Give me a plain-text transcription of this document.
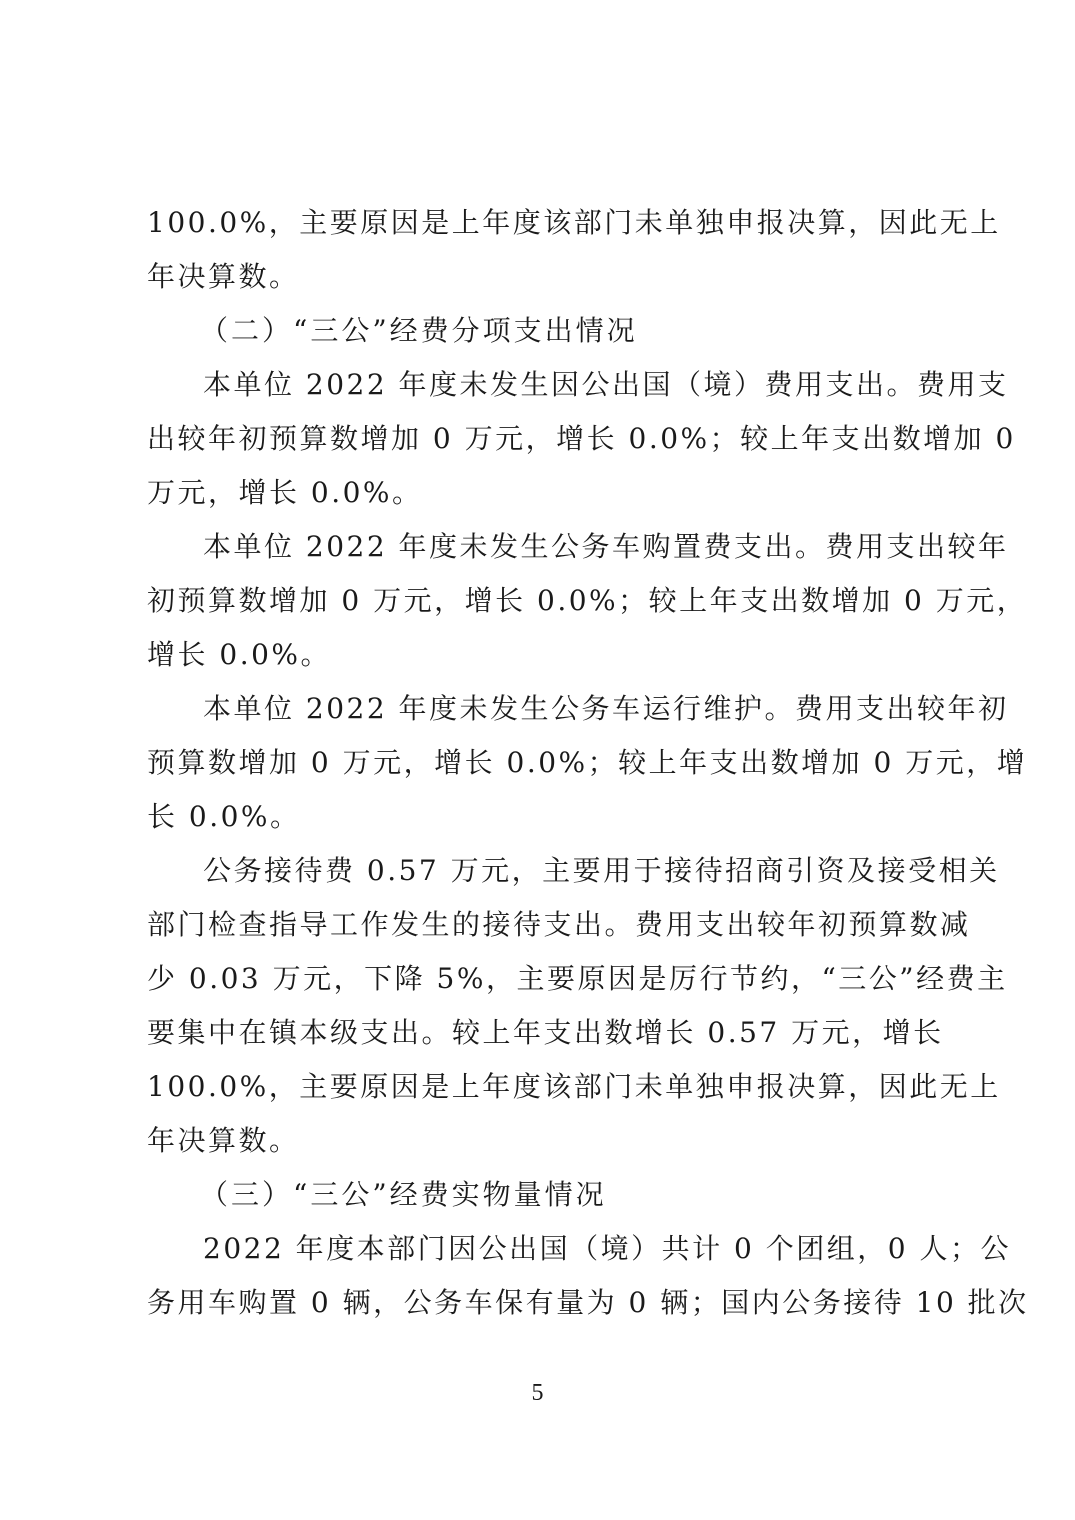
100.0%，主要原因是上年度该部门未单独申报决算，因此无上
年决算数。
（二）“三公”经费分项支出情况
本单位 2022 年度未发生因公出国（境）费用支出。费用支
出较年初预算数增加 0 万元，增长 0.0%；较上年支出数增加 0
万元，增长 0.0%。
本单位 2022 年度未发生公务车购置费支出。费用支出较年
初预算数增加 0 万元，增长 0.0%；较上年支出数增加 0 万元，
增长 0.0%。
本单位 2022 年度未发生公务车运行维护。费用支出较年初
预算数增加 0 万元，增长 0.0%；较上年支出数增加 0 万元，增
长 0.0%。
公务接待费 0.57 万元，主要用于接待招商引资及接受相关
部门检查指导工作发生的接待支出。费用支出较年初预算数减
少 0.03 万元，下降 5%，主要原因是厉行节约，“三公”经费主
要集中在镇本级支出。较上年支出数增长 0.57 万元，增长
100.0%，主要原因是上年度该部门未单独申报决算，因此无上
年决算数。
（三）“三公”经费实物量情况
2022 年度本部门因公出国（境）共计 0 个团组，0 人；公
务用车购置 0 辆，公务车保有量为 0 辆；国内公务接待 10 批次
5
